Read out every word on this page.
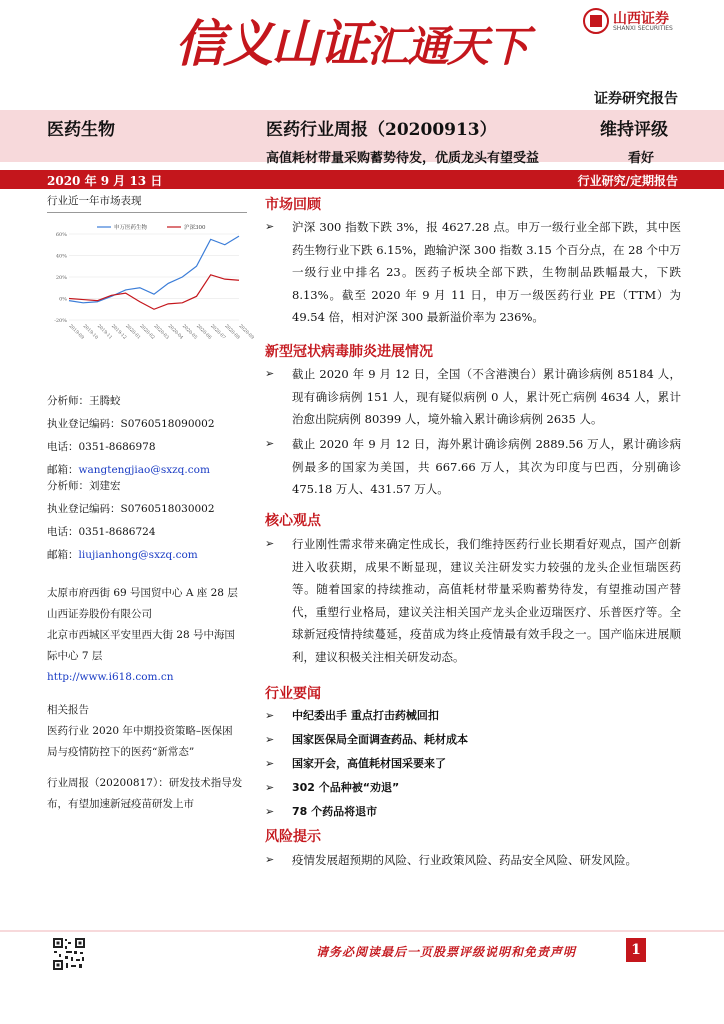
信义山证汇通天下
山西证券
SHANXI SECURITIES
证券研究报告
医药生物	医药行业周报（20200913）	维持评级
高值耗材带量采购蓄势待发，优质龙头有望受益	看好
2020 年 9 月 13 日	行业研究/定期报告
行业近一年市场表现
申万医药生物	沪深300
-20%
0%
20%
40%
60%
2019-09
2019-10
2019-11
2019-12
2020-01
2020-02
2020-03
2020-04
2020-05
2020-06
2020-07
2020-08
2020-09
分析师：王腾蛟
执业登记编码：S0760518090002
电话：0351-8686978
邮箱：wangtengjiao@sxzq.com
分析师：刘建宏
执业登记编码：S0760518030002
电话：0351-8686724
邮箱：liujianhong@sxzq.com
太原市府西街 69 号国贸中心 A 座 28 层
山西证券股份有限公司
北京市西城区平安里西大街 28 号中海国
际中心 7 层
http://www.i618.com.cn
相关报告
医药行业 2020 年中期投资策略–医保困
局与疫情防控下的医药“新常态”
行业周报（20200817）：研发技术指导发
布，有望加速新冠疫苗研发上市
市场回顾
➢	沪深 300 指数下跌 3%，报 4627.28 点。申万一级行业全部下跌，其中医药生物行业下跌 6.15%，跑输沪深 300 指数 3.15 个百分点，在 28 个中万一级行业中排名 23。医药子板块全部下跌，生物制品跌幅最大，下跌 8.13%。截至 2020 年 9 月 11 日，申万一级医药行业 PE（TTM）为 49.54 倍，相对沪深 300 最新溢价率为 236%。
新型冠状病毒肺炎进展情况
➢	截止 2020 年 9 月 12 日，全国（不含港澳台）累计确诊病例 85184 人，现有确诊病例 151 人，现有疑似病例 0 人，累计死亡病例 4634 人，累计治愈出院病例 80399 人，境外输入累计确诊病例 2635 人。
➢	截止 2020 年 9 月 12 日，海外累计确诊病例 2889.56 万人，累计确诊病例最多的国家为美国，共 667.66 万人，其次为印度与巴西，分别确诊 475.18 万人、431.57 万人。
核心观点
➢	行业刚性需求带来确定性成长，我们维持医药行业长期看好观点，国产创新进入收获期，成果不断显现，建议关注研发实力较强的龙头企业恒瑞医药等。随着国家的持续推动，高值耗材带量采购蓄势待发，有望推动国产替代，重塑行业格局，建议关注相关国产龙头企业迈瑞医疗、乐普医疗等。全球新冠疫情持续蔓延，疫苗成为终止疫情最有效手段之一。国产临床进展顺利，建议积极关注相关研发动态。
行业要闻
➢	中纪委出手 重点打击药械回扣
➢	国家医保局全面调查药品、耗材成本
➢	国家开会，高值耗材国采要来了
➢	302 个品种被“劝退”
➢	78 个药品将退市
风险提示
➢	疫情发展超预期的风险、行业政策风险、药品安全风险、研发风险。
请务必阅读最后一页股票评级说明和免责声明	1
